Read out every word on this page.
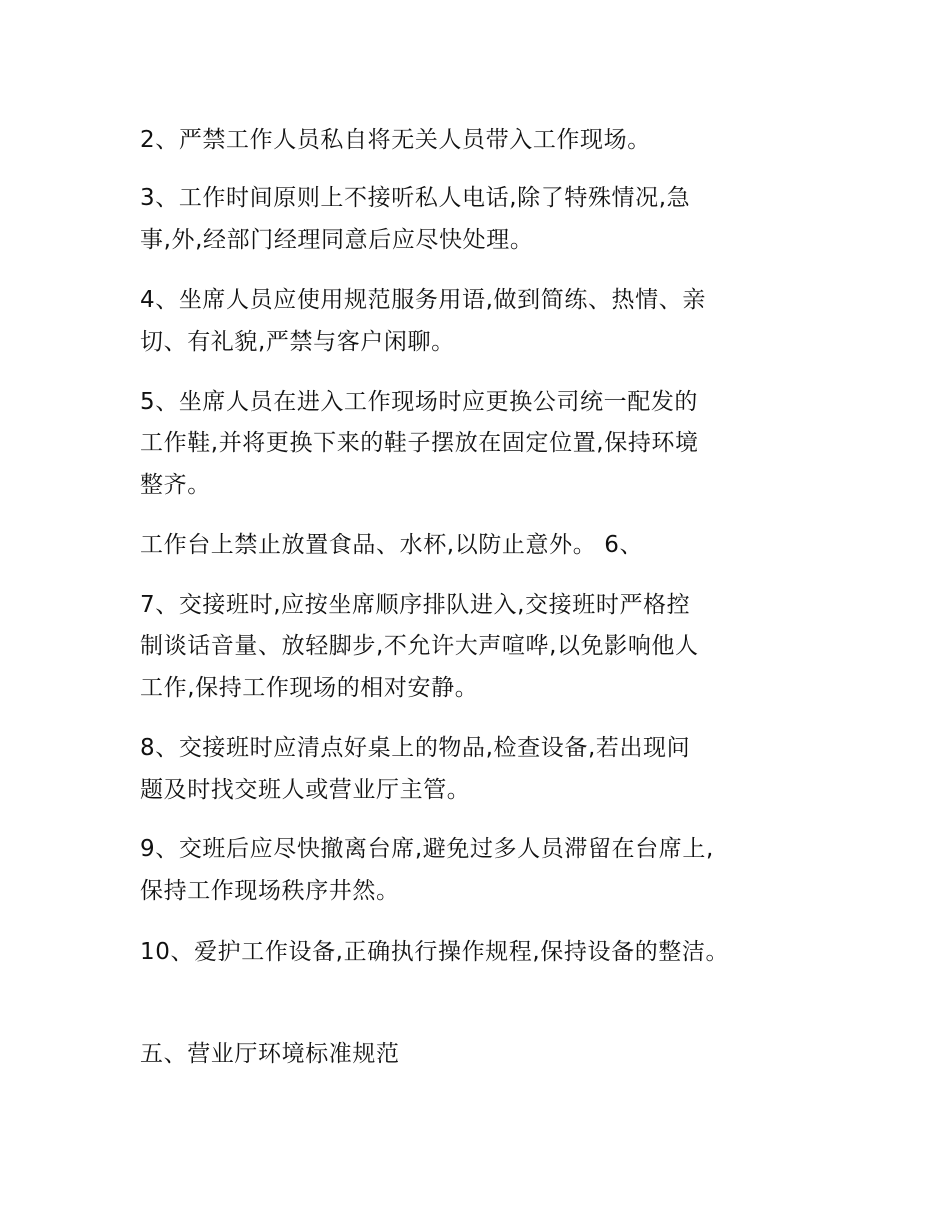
2、严禁工作人员私自将无关人员带入工作现场。
3、工作时间原则上不接听私人电话,除了特殊情况,急
事,外,经部门经理同意后应尽快处理。
4、坐席人员应使用规范服务用语,做到简练、热情、亲
切、有礼貌,严禁与客户闲聊。
5、坐席人员在进入工作现场时应更换公司统一配发的
工作鞋,并将更换下来的鞋子摆放在固定位置,保持环境
整齐。
工作台上禁止放置食品、水杯,以防止意外。 6、
7、交接班时,应按坐席顺序排队进入,交接班时严格控
制谈话音量、放轻脚步,不允许大声喧哗,以免影响他人
工作,保持工作现场的相对安静。
8、交接班时应清点好桌上的物品,检查设备,若出现问
题及时找交班人或营业厅主管。
9、交班后应尽快撤离台席,避免过多人员滞留在台席上,
保持工作现场秩序井然。
10、爱护工作设备,正确执行操作规程,保持设备的整洁。
五、营业厅环境标准规范
